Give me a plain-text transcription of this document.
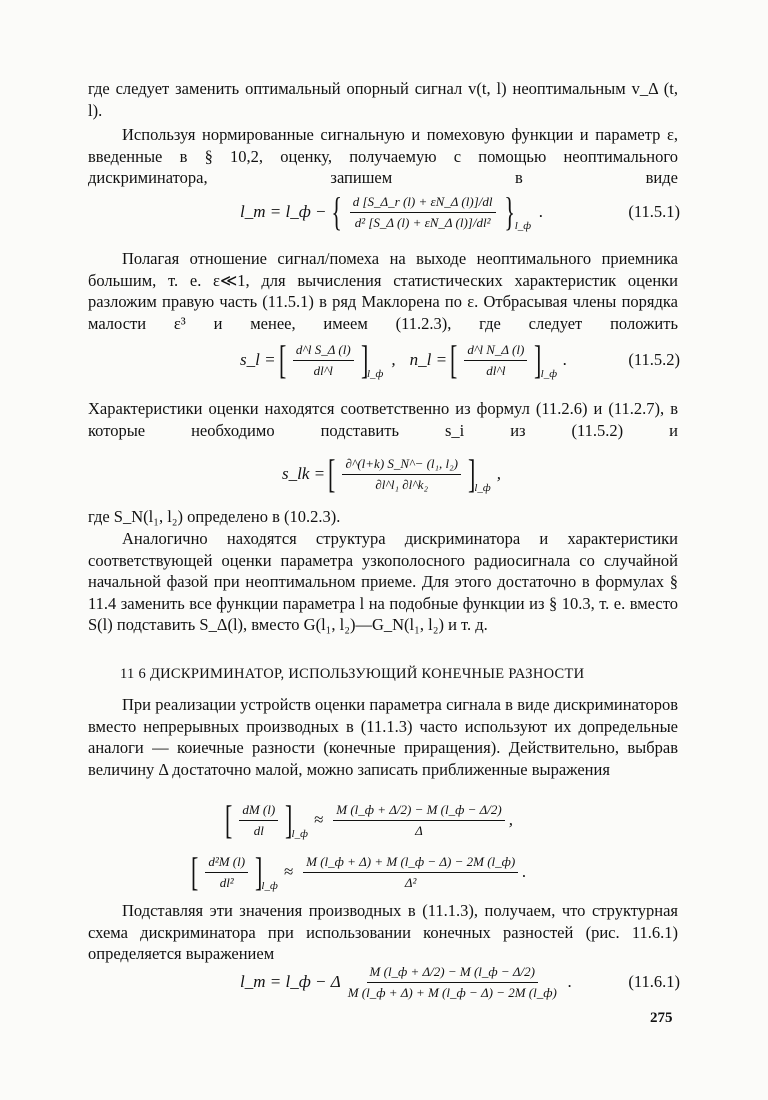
где следует заменить оптимальный опорный сигнал v(t, l) неоптимальным v_Δ (t, l).
Используя нормированные сигнальную и помеховую функции и параметр ε, введенные в § 10,2, оценку, получаемую с помощью неоптимального дискриминатора, запишем в виде
l_m = l_ф − { $\frac{d [S\_\Delta\_r (l) + \varepsilon N\_\Delta (l)]/dl}{\text{d² [S\_Δ (l) + εN\_Δ (l)]/dl²}}$ } l_ф
.	(11.5.1)
Полагая отношение сигнал/помеха на выходе неоптимального приемника большим, т. е. ε≪1, для вычисления статистических характеристик оценки разложим правую часть (11.5.1) в ряд Маклорена по ε. Отбрасывая члены порядка малости ε³ и менее, имеем (11.2.3), где следует положить
s_l = [ $\frac{\text{d\textasciicircum{}l S\_Δ (l)}}{dl\^{}l}$ ]
l_ф
, n_l = [ $\frac{\text{d\textasciicircum{}l N\_Δ (l)}}{dl\^{}l}$ ]
l_ф
.	(11.5.2)
Характеристики оценки находятся соответственно из формул (11.2.6) и (11.2.7), в которые необходимо подставить s_i из (11.5.2) и
s_lk = [ $\frac{\text{∂\textasciicircum{}(l+k) S\_N\textasciicircum{}− (l₁, l₂)}}{\text{∂l\textasciicircum{}l₁ ∂l\textasciicircum{}k₂}}$ ]
l_ф
,
где S_N(l₁, l₂) определено в (10.2.3).
Аналогично находятся структура дискриминатора и характеристики соответствующей оценки параметра узкополосного радиосигнала со случайной начальной фазой при неоптимальном приеме. Для этого достаточно в формулах § 11.4 заменить все функции параметра l на подобные функции из § 10.3, т. е. вместо S(l) подставить S_Δ(l), вместо G(l₁, l₂)—G_N(l₁, l₂) и т. д.
11 6 ДИСКРИМИНАТОР, ИСПОЛЬЗУЮЩИЙ КОНЕЧНЫЕ РАЗНОСТИ
При реализации устройств оценки параметра сигнала в виде дискриминаторов вместо непрерывных производных в (11.1.3) часто используют их допредельные аналоги — коиечные разности (конечные приращения). Действительно, выбрав величину Δ достаточно малой, можно записать приближенные выражения
[ $\frac{dM (l)}{dl}$ ]
l_ф
≈ $\frac{M (l\_ф + \Delta/2) - M (l\_ф - \Delta/2)}{\Delta}$ ,
[ $\frac{\text{d²M (l)}}{\text{dl²}}$ ]
l_ф
≈ $\frac{M (l\_ф + \Delta) + M (l\_ф - \Delta) - 2M (l\_ф)}{\text{Δ²}}$ .
Подставляя эти значения производных в (11.1.3), получаем, что структурная схема дискриминатора при использовании конечных разностей (рис. 11.6.1) определяется выражением
l_m = l_ф − Δ $\frac{M (l\_ф + \Delta/2) - M (l\_ф - \Delta/2)}{M (l\_ф + \Delta) + M (l\_ф - \Delta) - 2M (l\_ф)}$ .	(11.6.1)
275
